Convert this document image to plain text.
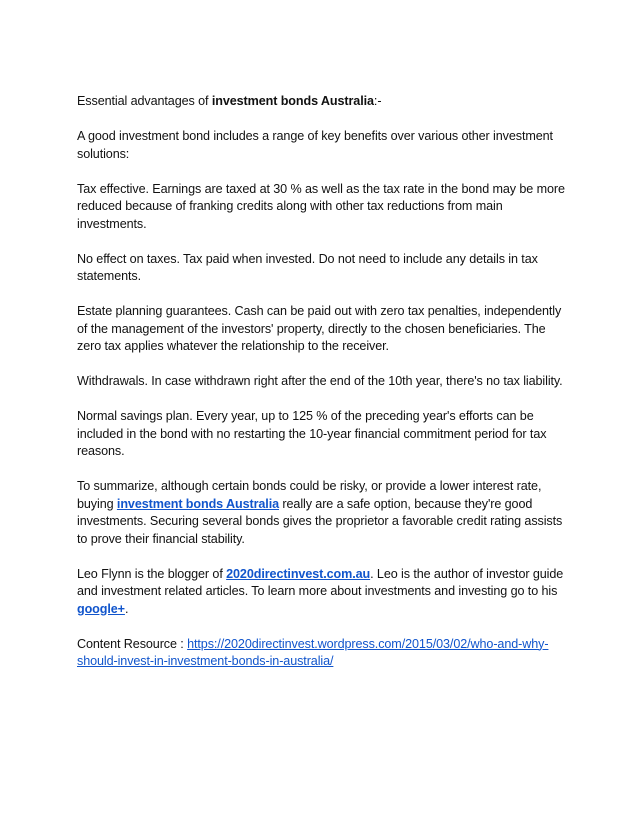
Essential advantages of investment bonds Australia:-

A good investment bond includes a range of key benefits over various other investment solutions:

Tax effective. Earnings are taxed at 30 % as well as the tax rate in the bond may be more reduced because of franking credits along with other tax reductions from main investments.

No effect on taxes. Tax paid when invested. Do not need to include any details in tax statements.

Estate planning guarantees. Cash can be paid out with zero tax penalties, independently of the management of the investors' property, directly to the chosen beneficiaries. The zero tax applies whatever the relationship to the receiver.

Withdrawals. In case withdrawn right after the end of the 10th year, there's no tax liability.

Normal savings plan. Every year, up to 125 % of the preceding year's efforts can be included in the bond with no restarting the 10-year financial commitment period for tax reasons.

To summarize, although certain bonds could be risky, or provide a lower interest rate, buying investment bonds Australia really are a safe option, because they're good investments. Securing several bonds gives the proprietor a favorable credit rating assists to prove their financial stability.

Leo Flynn is the blogger of 2020directinvest.com.au. Leo is the author of investor guide and investment related articles. To learn more about investments and investing go to his google+.

Content Resource : https://2020directinvest.wordpress.com/2015/03/02/who-and-why-should-invest-in-investment-bonds-in-australia/
